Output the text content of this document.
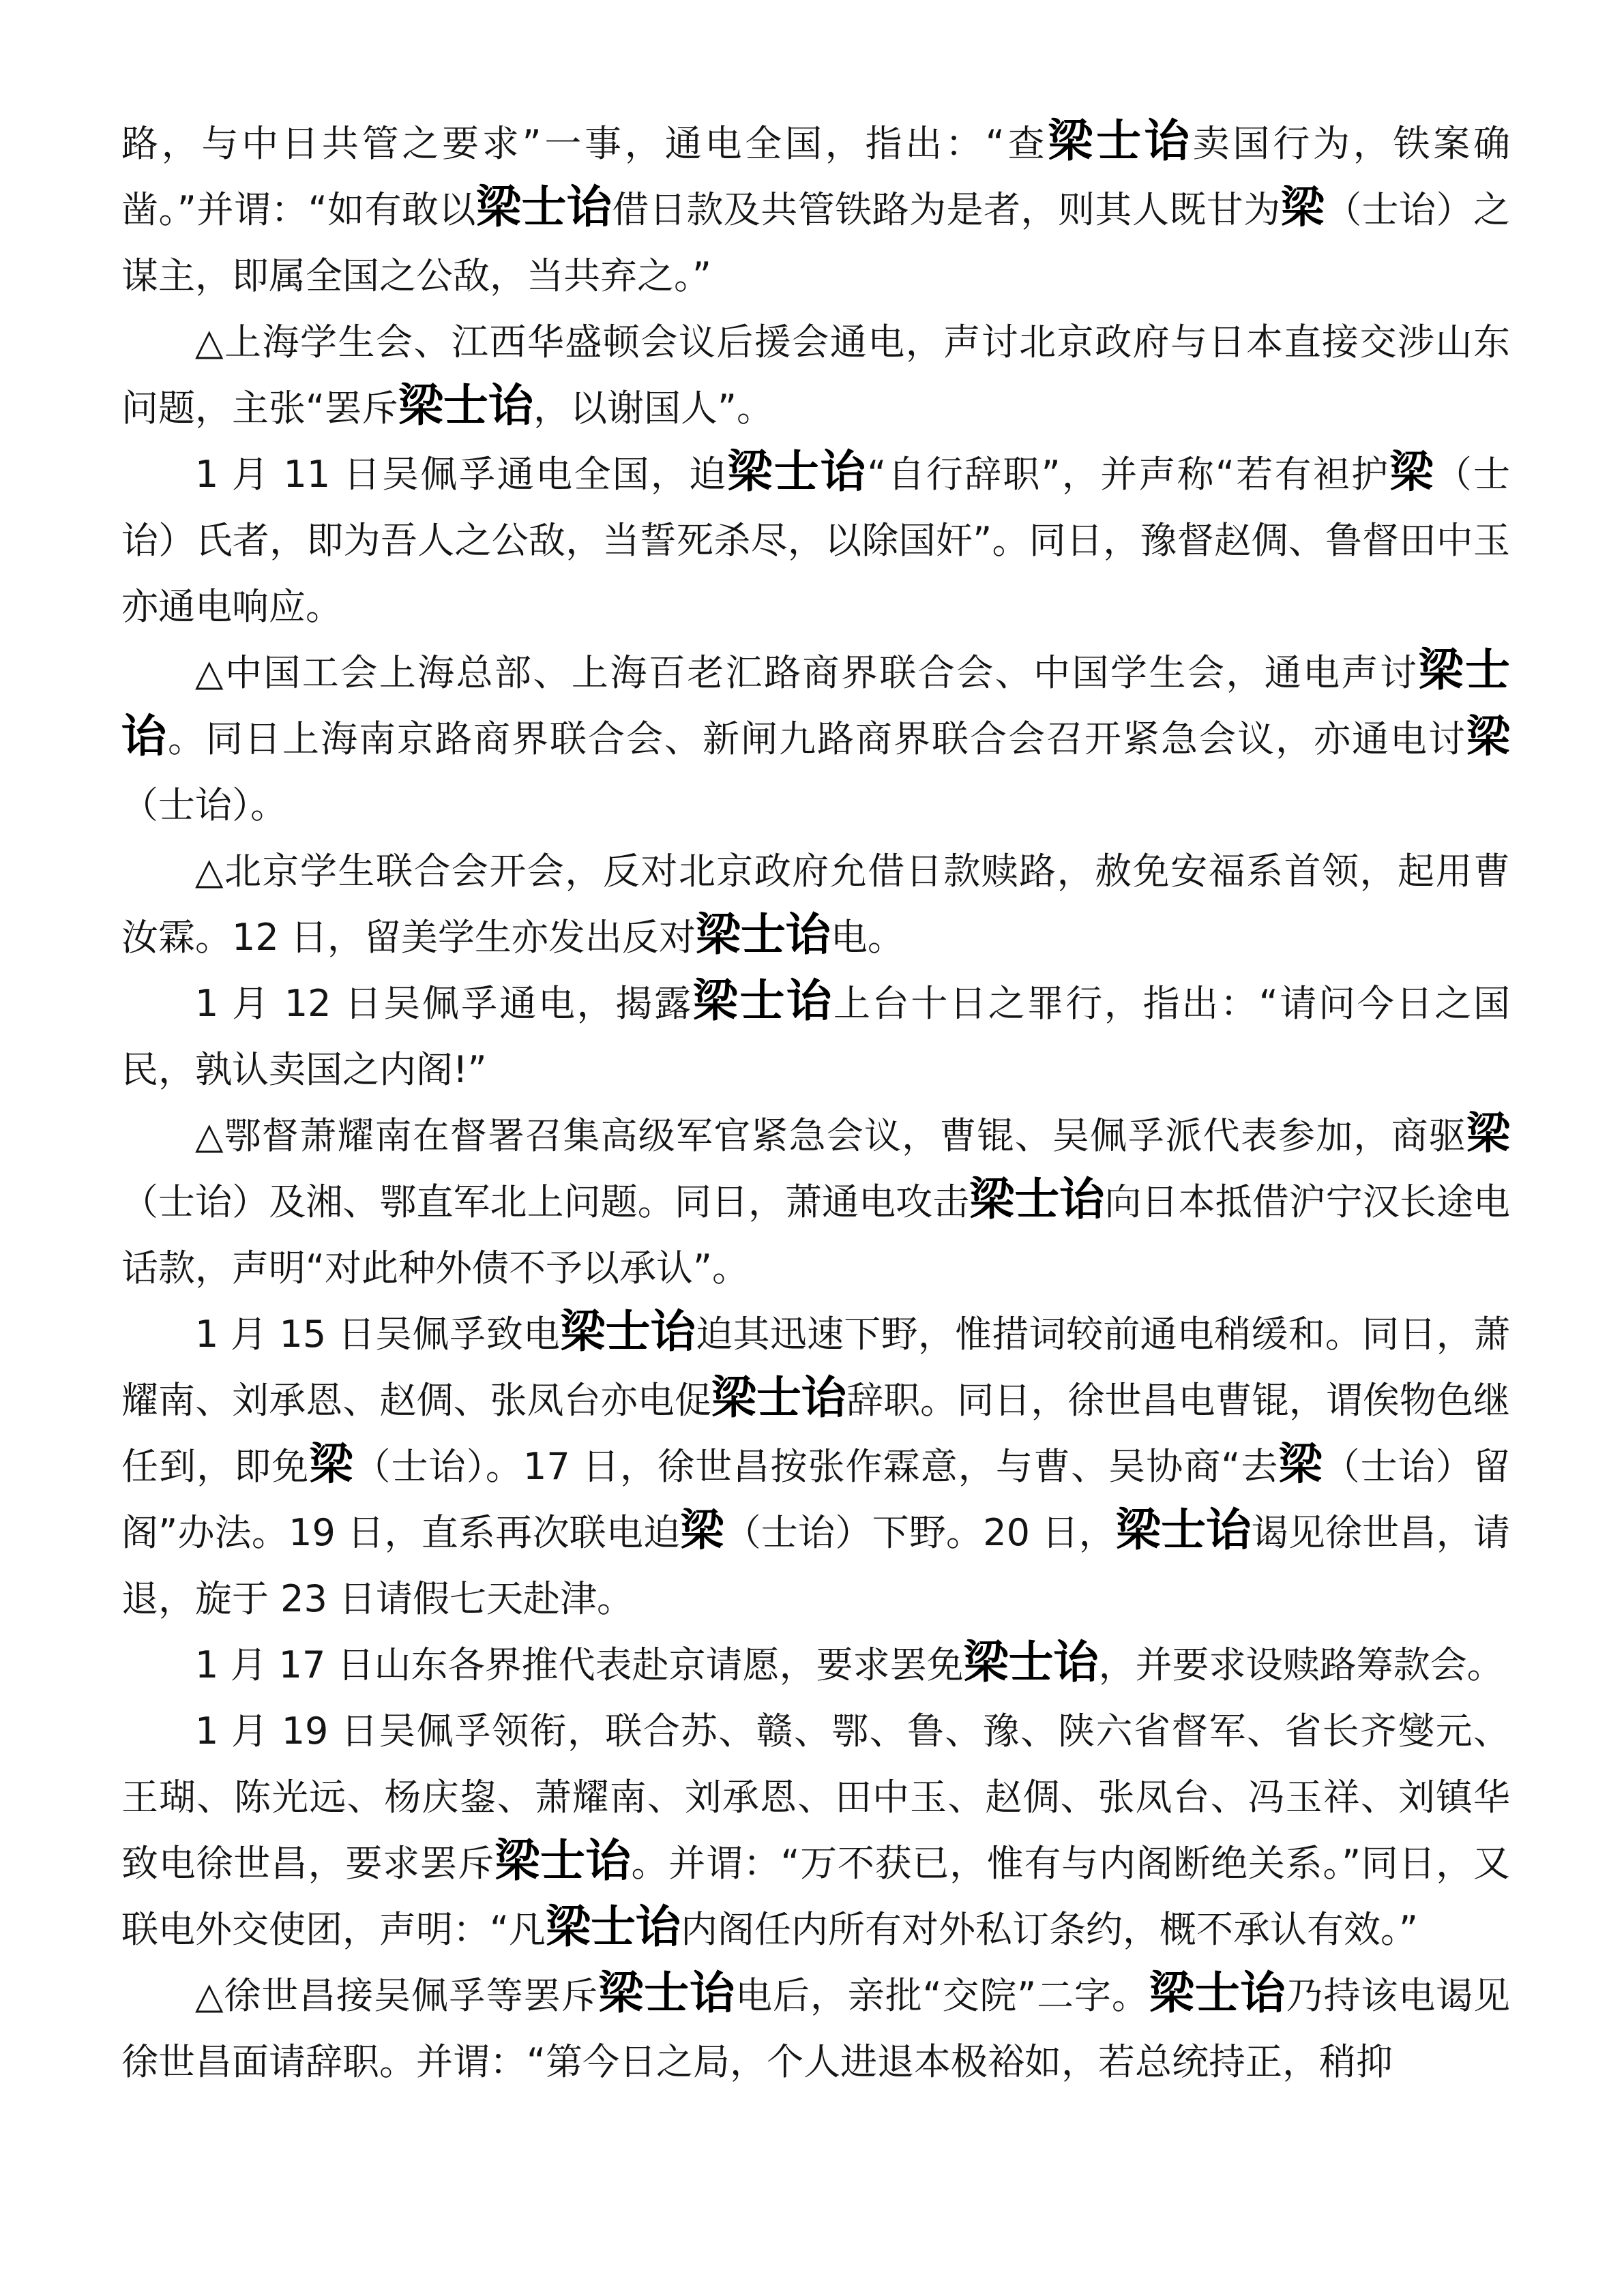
路，与中日共管之要求”一事，通电全国，指出：“查梁士诒卖国行为，铁案确凿。”并谓：“如有敢以梁士诒借日款及共管铁路为是者，则其人既甘为梁（士诒）之谋主，即属全国之公敌，当共弃之。”

△上海学生会、江西华盛顿会议后援会通电，声讨北京政府与日本直接交涉山东问题，主张“罢斥梁士诒，以谢国人”。

1 月 11 日吴佩孚通电全国，迫梁士诒“自行辞职”，并声称“若有袒护梁（士诒）氏者，即为吾人之公敌，当誓死杀尽，以除国奸”。同日，豫督赵倜、鲁督田中玉亦通电响应。

△中国工会上海总部、上海百老汇路商界联合会、中国学生会，通电声讨梁士诒。同日上海南京路商界联合会、新闸九路商界联合会召开紧急会议，亦通电讨梁（士诒）。

△北京学生联合会开会，反对北京政府允借日款赎路，赦免安福系首领，起用曹汝霖。12 日，留美学生亦发出反对梁士诒电。

1 月 12 日吴佩孚通电，揭露梁士诒上台十日之罪行，指出：“请问今日之国民，孰认卖国之内阁!”

△鄂督萧耀南在督署召集高级军官紧急会议，曹锟、吴佩孚派代表参加，商驱梁（士诒）及湘、鄂直军北上问题。同日，萧通电攻击梁士诒向日本抵借沪宁汉长途电话款，声明“对此种外债不予以承认”。

1 月 15 日吴佩孚致电梁士诒迫其迅速下野，惟措词较前通电稍缓和。同日，萧耀南、刘承恩、赵倜、张凤台亦电促梁士诒辞职。同日，徐世昌电曹锟，谓俟物色继任到，即免梁（士诒）。17 日，徐世昌按张作霖意，与曹、吴协商“去梁（士诒）留阁”办法。19 日，直系再次联电迫梁（士诒）下野。20 日，梁士诒谒见徐世昌，请退，旋于 23 日请假七天赴津。

1 月 17 日山东各界推代表赴京请愿，要求罢免梁士诒，并要求设赎路筹款会。

1 月 19 日吴佩孚领衔，联合苏、赣、鄂、鲁、豫、陕六省督军、省长齐燮元、王瑚、陈光远、杨庆鋆、萧耀南、刘承恩、田中玉、赵倜、张凤台、冯玉祥、刘镇华致电徐世昌，要求罢斥梁士诒。并谓：“万不获已，惟有与内阁断绝关系。”同日，又联电外交使团，声明：“凡梁士诒内阁任内所有对外私订条约，概不承认有效。”

△徐世昌接吴佩孚等罢斥梁士诒电后，亲批“交院”二字。梁士诒乃持该电谒见徐世昌面请辞职。并谓：“第今日之局，个人进退本极裕如，若总统持正，稍抑
